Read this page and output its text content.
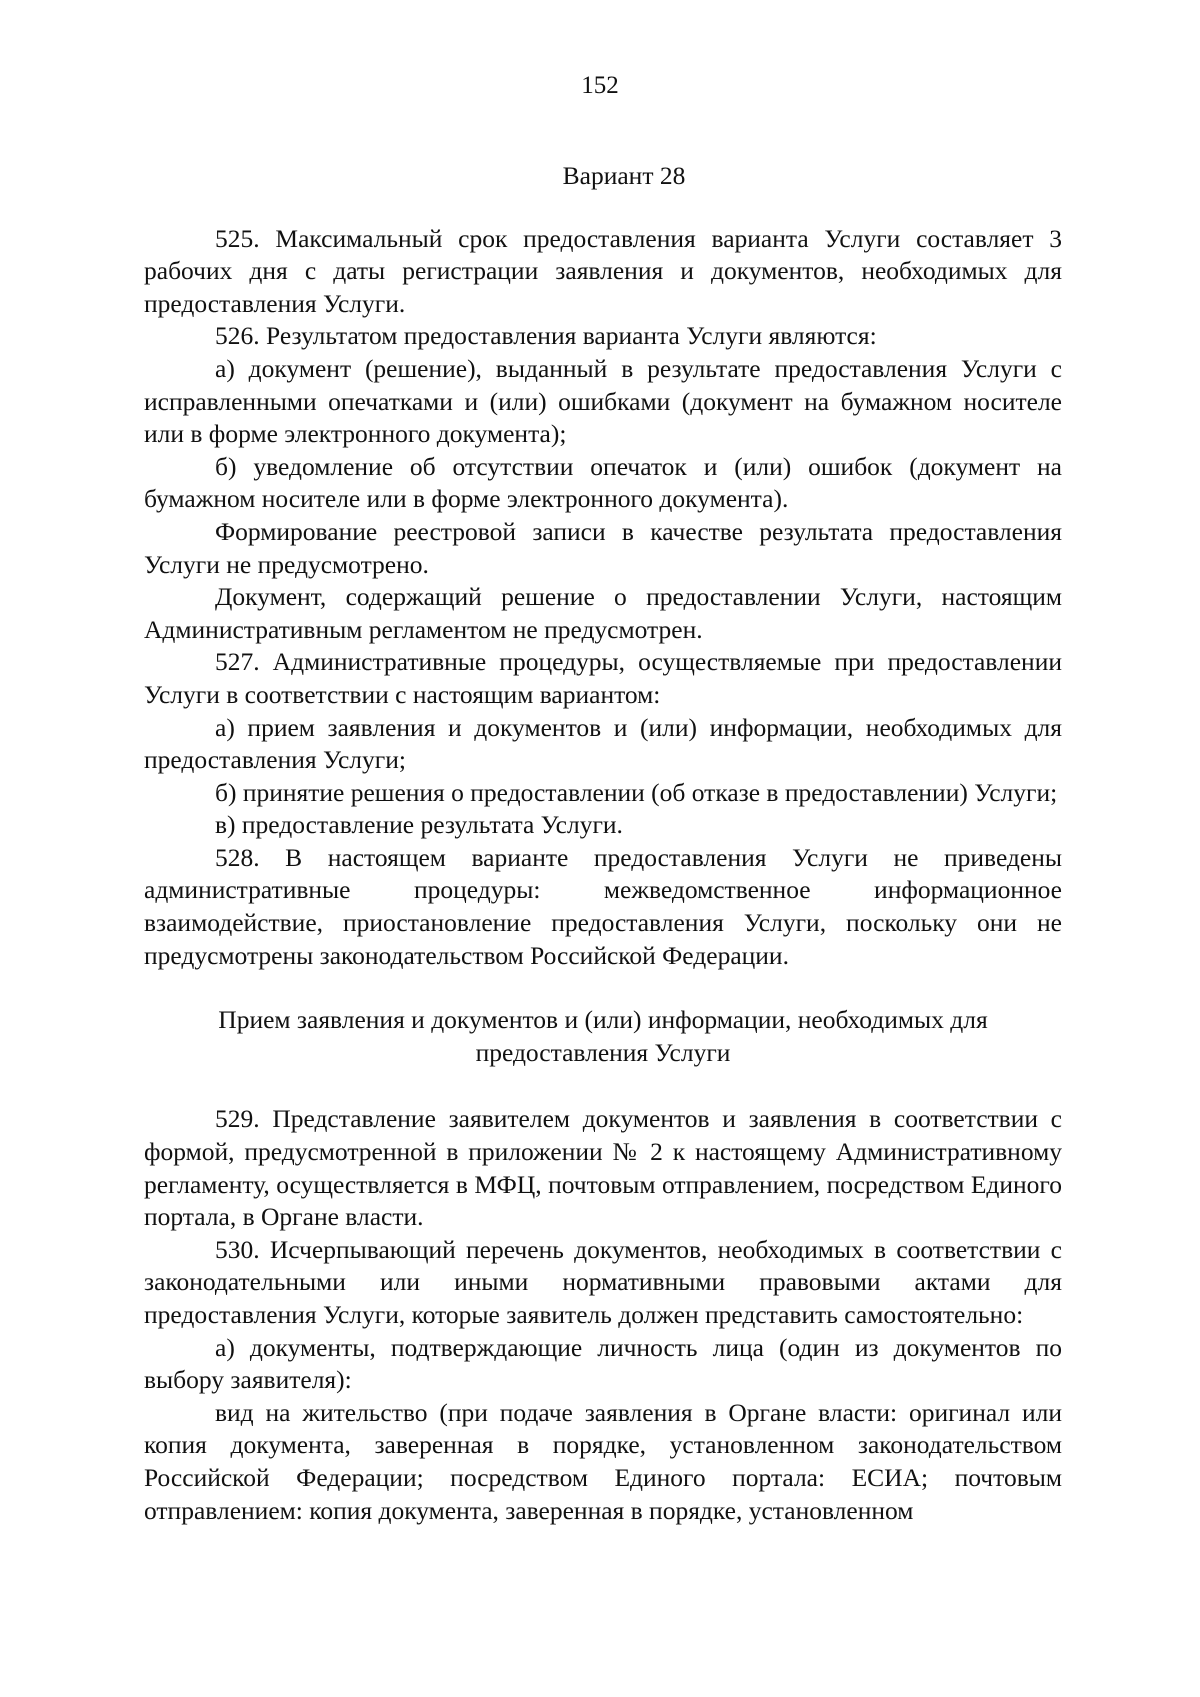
152
Вариант 28

525. Максимальный срок предоставления варианта Услуги составляет 3 рабочих дня с даты регистрации заявления и документов, необходимых для предоставления Услуги.

526. Результатом предоставления варианта Услуги являются:

а) документ (решение), выданный в результате предоставления Услуги с исправленными опечатками и (или) ошибками (документ на бумажном носителе или в форме электронного документа);

б) уведомление об отсутствии опечаток и (или) ошибок (документ на бумажном носителе или в форме электронного документа).

Формирование реестровой записи в качестве результата предоставления Услуги не предусмотрено.

Документ, содержащий решение о предоставлении Услуги, настоящим Административным регламентом не предусмотрен.

527. Административные процедуры, осуществляемые при предоставлении Услуги в соответствии с настоящим вариантом:

а) прием заявления и документов и (или) информации, необходимых для предоставления Услуги;

б) принятие решения о предоставлении (об отказе в предоставлении) Услуги;

в) предоставление результата Услуги.

528. В настоящем варианте предоставления Услуги не приведены административные процедуры: межведомственное информационное взаимодействие, приостановление предоставления Услуги, поскольку они не предусмотрены законодательством Российской Федерации.

Прием заявления и документов и (или) информации, необходимых для
предоставления Услуги

529. Представление заявителем документов и заявления в соответствии с формой, предусмотренной в приложении № 2 к настоящему Административному регламенту, осуществляется в МФЦ, почтовым отправлением, посредством Единого портала, в Органе власти.

530. Исчерпывающий перечень документов, необходимых в соответствии с законодательными или иными нормативными правовыми актами для предоставления Услуги, которые заявитель должен представить самостоятельно:

а) документы, подтверждающие личность лица (один из документов по выбору заявителя):

вид на жительство (при подаче заявления в Органе власти: оригинал или копия документа, заверенная в порядке, установленном законодательством Российской Федерации; посредством Единого портала: ЕСИА; почтовым отправлением: копия документа, заверенная в порядке, установленном
